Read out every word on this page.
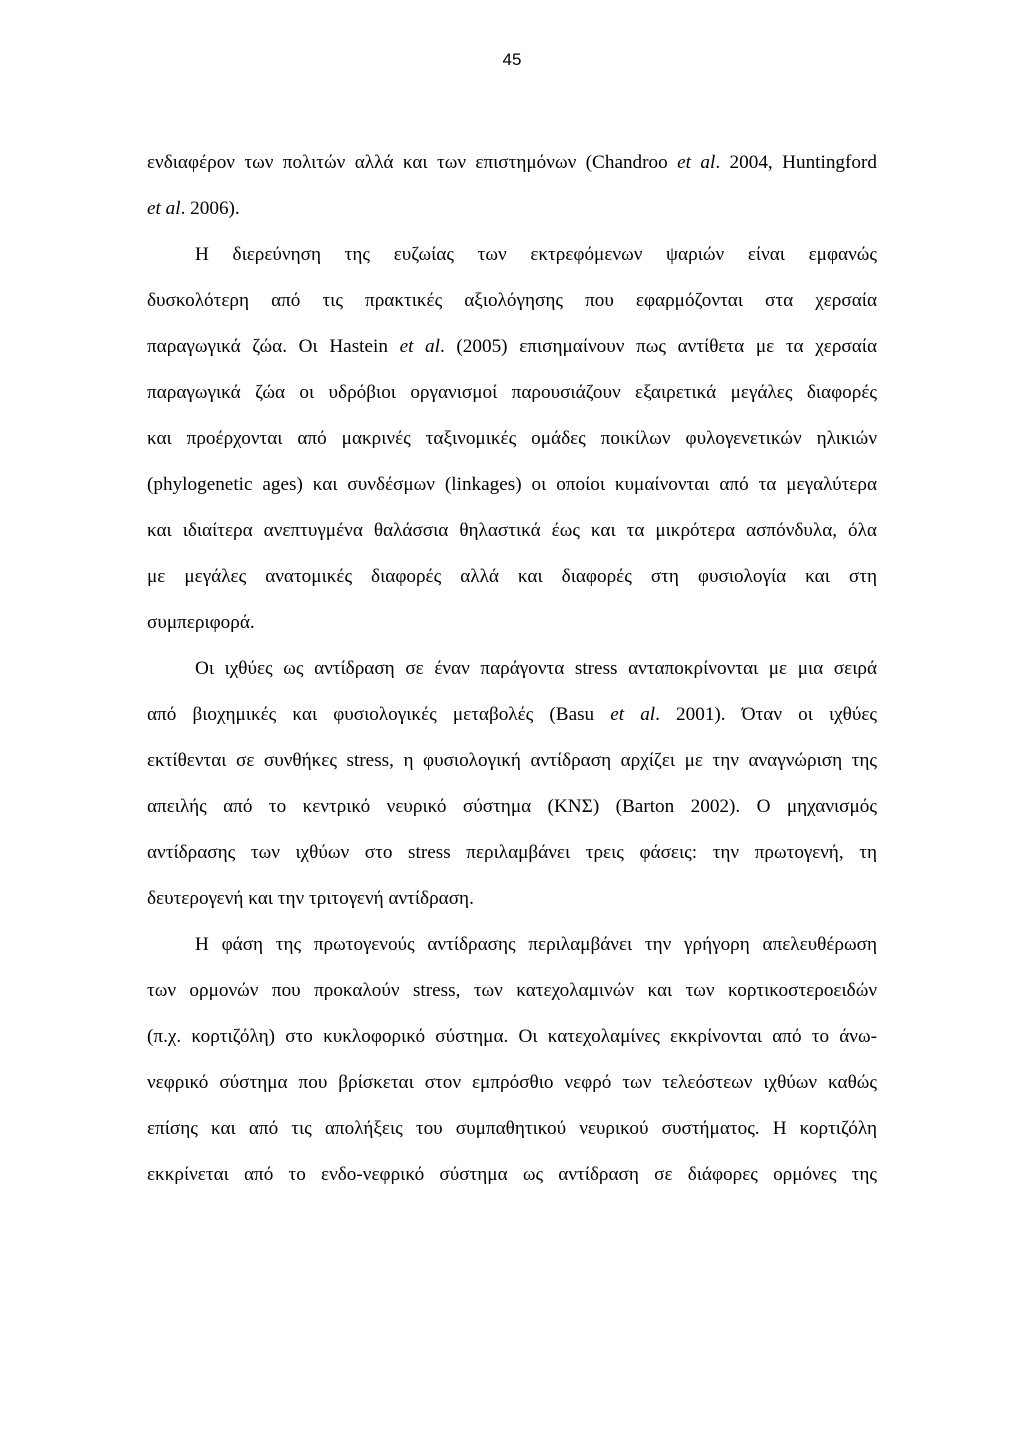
45
ενδιαφέρον των πολιτών αλλά και των επιστημόνων (Chandroo et al. 2004, Huntingford
et al. 2006).
Η διερεύνηση της ευζωίας των εκτρεφόμενων ψαριών είναι εμφανώς
δυσκολότερη από τις πρακτικές αξιολόγησης που εφαρμόζονται στα χερσαία
παραγωγικά ζώα. Οι Hastein et al. (2005) επισημαίνουν πως αντίθετα με τα χερσαία
παραγωγικά ζώα οι υδρόβιοι οργανισμοί παρουσιάζουν εξαιρετικά μεγάλες διαφορές
και προέρχονται από μακρινές ταξινομικές ομάδες ποικίλων φυλογενετικών ηλικιών
(phylogenetic ages) και συνδέσμων (linkages) οι οποίοι κυμαίνονται από τα μεγαλύτερα
και ιδιαίτερα ανεπτυγμένα θαλάσσια θηλαστικά έως και τα μικρότερα ασπόνδυλα, όλα
με μεγάλες ανατομικές διαφορές αλλά και διαφορές στη φυσιολογία και στη
συμπεριφορά.
Οι ιχθύες ως αντίδραση σε έναν παράγοντα stress ανταποκρίνονται με μια σειρά
από βιοχημικές και φυσιολογικές μεταβολές (Basu et al. 2001). Όταν οι ιχθύες
εκτίθενται σε συνθήκες stress, η φυσιολογική αντίδραση αρχίζει με την αναγνώριση της
απειλής από το κεντρικό νευρικό σύστημα (ΚΝΣ) (Barton 2002). Ο μηχανισμός
αντίδρασης των ιχθύων στο stress περιλαμβάνει τρεις φάσεις: την πρωτογενή, τη
δευτερογενή και την τριτογενή αντίδραση.
Η φάση της πρωτογενούς αντίδρασης περιλαμβάνει την γρήγορη απελευθέρωση
των ορμονών που προκαλούν stress, των κατεχολαμινών και των κορτικοστεροειδών
(π.χ. κορτιζόλη) στο κυκλοφορικό σύστημα. Οι κατεχολαμίνες εκκρίνονται από το άνω-
νεφρικό σύστημα που βρίσκεται στον εμπρόσθιο νεφρό των τελεόστεων ιχθύων καθώς
επίσης και από τις απολήξεις του συμπαθητικού νευρικού συστήματος. Η κορτιζόλη
εκκρίνεται από το ενδο-νεφρικό σύστημα ως αντίδραση σε διάφορες ορμόνες της
